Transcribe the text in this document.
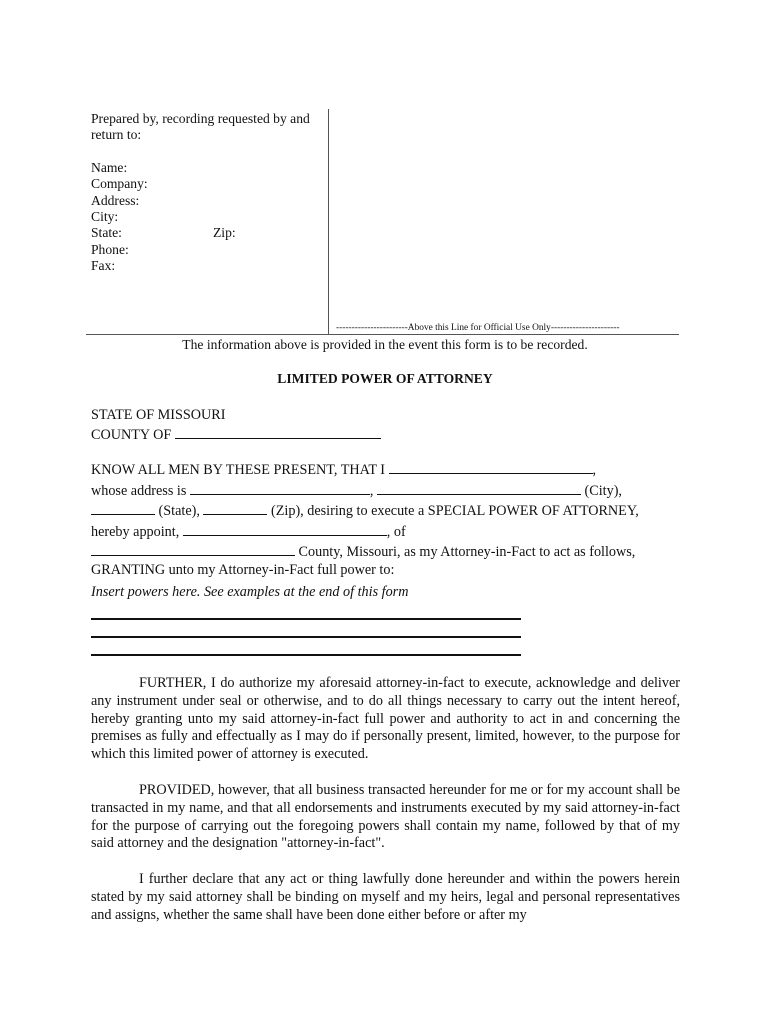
Prepared by, recording requested by and
return to:
Name:
Company:
Address:
City:
State:	Zip:
Phone:
Fax:
-----------------------Above this Line for Official Use Only----------------------
The information above is provided in the event this form is to be recorded.
LIMITED POWER OF ATTORNEY
STATE OF MISSOURI
COUNTY OF
KNOW ALL MEN BY THESE PRESENT, THAT I	,
whose address is	,	(City),
(State),	(Zip), desiring to execute a SPECIAL POWER OF ATTORNEY,
hereby appoint,	, of
County, Missouri, as my Attorney-in-Fact to act as follows,
GRANTING unto my Attorney-in-Fact full power to:
Insert powers here. See examples at the end of this form

FURTHER, I do authorize my aforesaid attorney-in-fact to execute, acknowledge and deliver any instrument under seal or otherwise, and to do all things necessary to carry out the intent hereof, hereby granting unto my said attorney-in-fact full power and authority to act in and concerning the premises as fully and effectually as I may do if personally present, limited, however, to the purpose for which this limited power of attorney is executed.

PROVIDED, however, that all business transacted hereunder for me or for my account shall be transacted in my name, and that all endorsements and instruments executed by my said attorney-in-fact for the purpose of carrying out the foregoing powers shall contain my name, followed by that of my said attorney and the designation "attorney-in-fact".

I further declare that any act or thing lawfully done hereunder and within the powers herein stated by my said attorney shall be binding on myself and my heirs, legal and personal representatives and assigns, whether the same shall have been done either before or after my
